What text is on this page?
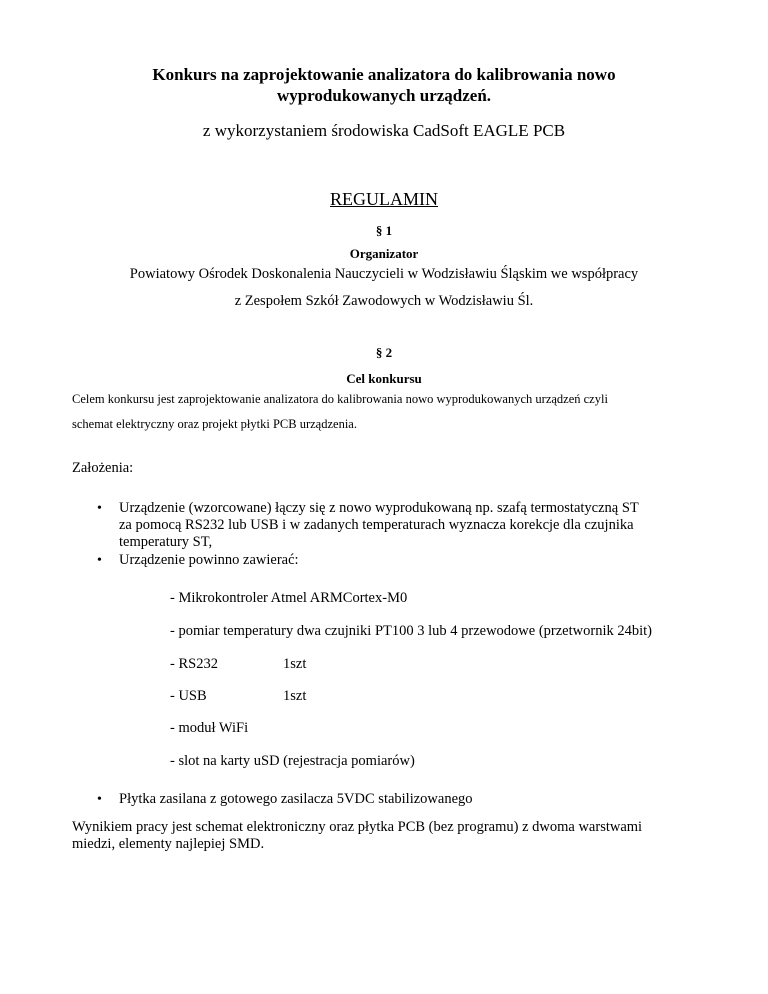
Konkurs na zaprojektowanie analizatora do kalibrowania nowo
wyprodukowanych urządzeń.
z wykorzystaniem środowiska CadSoft EAGLE PCB
REGULAMIN
§ 1
Organizator
Powiatowy Ośrodek Doskonalenia Nauczycieli w Wodzisławiu Śląskim we współpracy
z Zespołem Szkół Zawodowych w Wodzisławiu Śl.
§ 2
Cel konkursu
Celem konkursu jest zaprojektowanie analizatora do kalibrowania nowo wyprodukowanych urządzeń czyli
schemat elektryczny oraz projekt płytki PCB urządzenia.
Założenia:
• Urządzenie (wzorcowane) łączy się z nowo wyprodukowaną np. szafą termostatyczną ST
za pomocą RS232 lub USB i w zadanych temperaturach wyznacza korekcje dla czujnika
temperatury ST,
• Urządzenie powinno zawierać:
- Mikrokontroler Atmel ARMCortex-M0
- pomiar temperatury dwa czujniki PT100 3 lub 4 przewodowe (przetwornik 24bit)
- RS232	1szt
- USB	1szt
- moduł WiFi
- slot na karty uSD (rejestracja pomiarów)
• Płytka zasilana z gotowego zasilacza 5VDC stabilizowanego
Wynikiem pracy jest schemat elektroniczny oraz płytka PCB (bez programu) z dwoma warstwami
miedzi, elementy najlepiej SMD.
